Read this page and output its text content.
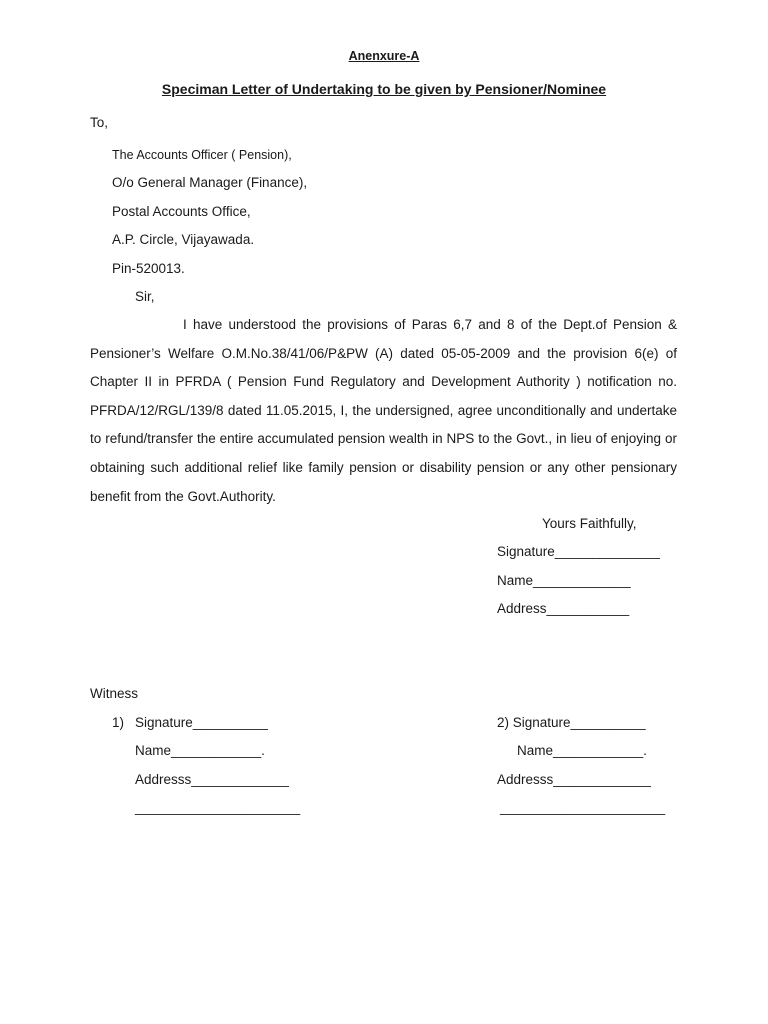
Anenxure-A
Speciman Letter of Undertaking to be given by Pensioner/Nominee
To,
The Accounts Officer ( Pension),
O/o General Manager (Finance),
Postal Accounts Office,
A.P. Circle, Vijayawada.
Pin-520013.
Sir,
I have understood the provisions of Paras 6,7 and 8 of the Dept.of Pension & Pensioner’s Welfare O.M.No.38/41/06/P&PW (A) dated 05-05-2009 and the provision 6(e) of Chapter II in PFRDA ( Pension Fund Regulatory and Development Authority ) notification no. PFRDA/12/RGL/139/8 dated 11.05.2015, I, the undersigned, agree unconditionally and undertake to refund/transfer the entire accumulated pension wealth in NPS to the Govt., in lieu of enjoying or obtaining such additional relief like family pension or disability pension or any other pensionary benefit from the Govt.Authority.
Yours Faithfully,
Signature______________
Name_____________
Address___________
Witness
1) Signature__________
Name____________.
Addresss_____________
______________________
2) Signature__________
Name____________.
Addresss_____________
______________________
